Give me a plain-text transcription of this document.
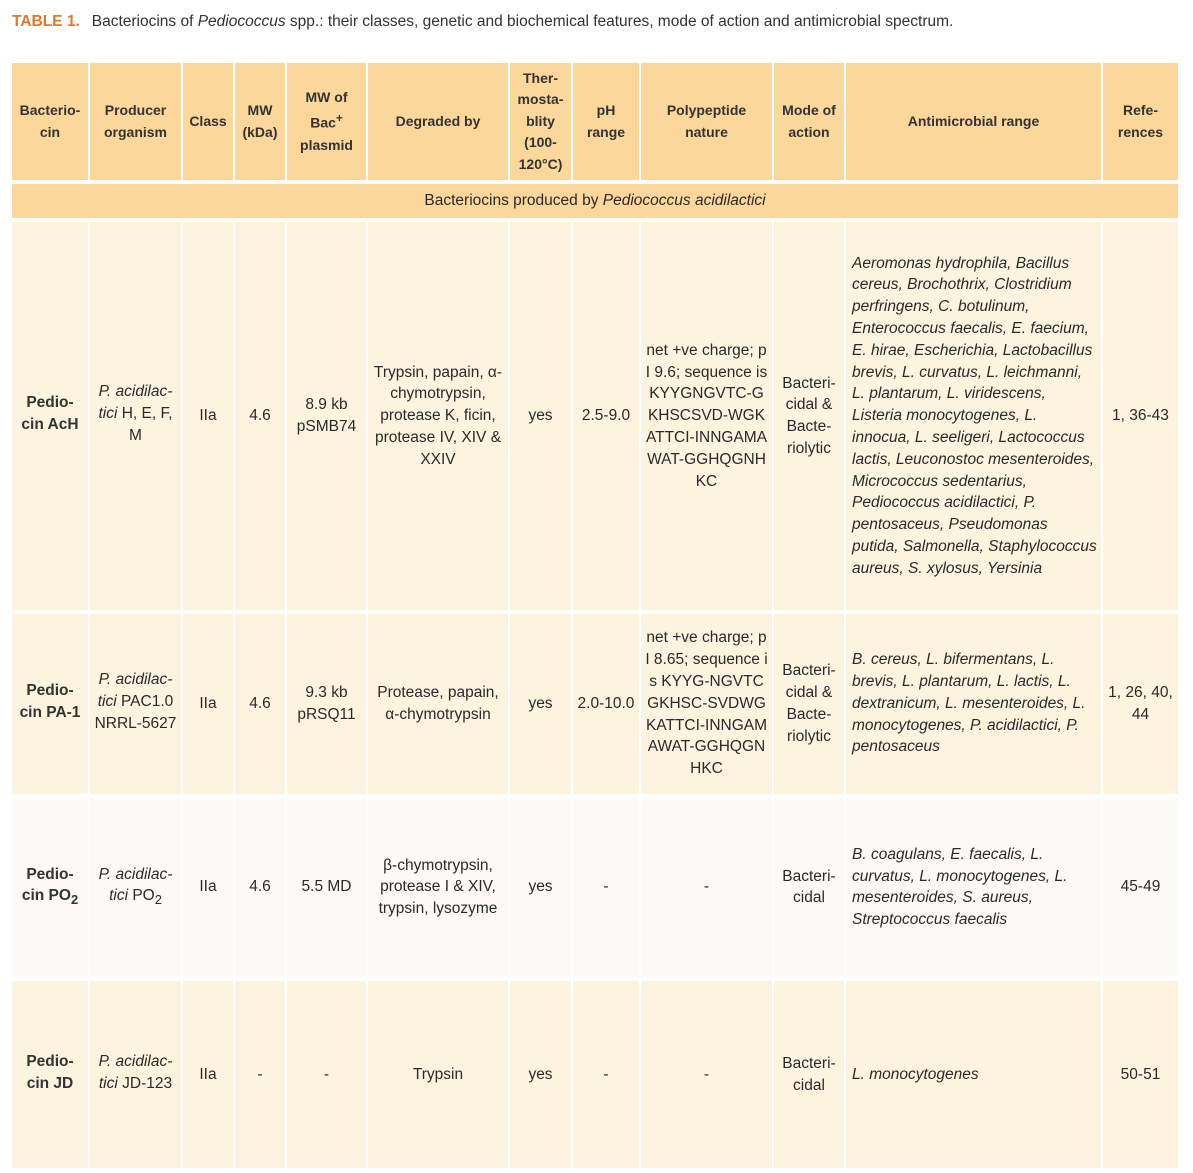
TABLE 1. Bacteriocins of Pediococcus spp.: their classes, genetic and biochemical features, mode of action and antimicrobial spectrum.
Bacterio-cin	Producer organism	Class	MW (kDa)	MW of Bac+ plasmid	Degraded by	Ther-mosta-blity (100-120°C)	pH range	Polypeptide nature	Mode of action	Antimicrobial range	Refe-rences

Bacteriocins produced by Pediococcus acidilactici											

Pedio-cin AcH	P. acidilac-tici H, E, F, M	IIa	4.6	8.9 kb pSMB74	Trypsin, papain, α-chymotrypsin, protease K, ficin, protease IV, XIV & XXIV	yes	2.5-9.0	net +ve charge; pI 9.6; sequence is KYYGNGVTC-GKHSCSVD-WGKATTCI-INNGAMAWAT-GGHQGNHKC	Bacteri-cidal & Bacte-riolytic	Aeromonas hydrophila, Bacillus cereus, Brochothrix, Clostridium perfringens, C. botulinum, Enterococcus faecalis, E. faecium, E. hirae, Escherichia, Lactobacillus brevis, L. curvatus, L. leichmanni, L. plantarum, L. viridescens, Listeria monocytogenes, L. innocua, L. seeligeri, Lactococcus lactis, Leuconostoc mesenteroides, Micrococcus sedentarius, Pediococcus acidilactici, P. pentosaceus, Pseudomonas putida, Salmonella, Staphylococcus aureus, S. xylosus, Yersinia	1, 36-43

Pedio-cin PA-1	P. acidilac-tici PAC1.0 NRRL-5627	IIa	4.6	9.3 kb pRSQ11	Protease, papain, α-chymotrypsin	yes	2.0-10.0	net +ve charge; pI 8.65; sequence is KYYG-NGVTCGKHSC-SVDWGKATTCI-INNGAMAWAT-GGHQGNHKC	Bacteri-cidal & Bacte-riolytic	B. cereus, L. bifermentans, L. brevis, L. plantarum, L. lactis, L. dextranicum, L. mesenteroides, L. monocytogenes, P. acidilactici, P. pentosaceus	1, 26, 40, 44

Pedio-cin $PO_2$	P. acidilac-tici $PO_2$	IIa	4.6	5.5 MD	β-chymotrypsin, protease I & XIV, trypsin, lysozyme	yes	-	-	Bacteri-cidal	B. coagulans, E. faecalis, L. curvatus, L. monocytogenes, L. mesenteroides, S. aureus, Streptococcus faecalis	45-49

Pedio-cin JD	P. acidilac-tici JD-123	IIa	-	-	Trypsin	yes	-	-	Bacteri-cidal	L. monocytogenes	50-51
